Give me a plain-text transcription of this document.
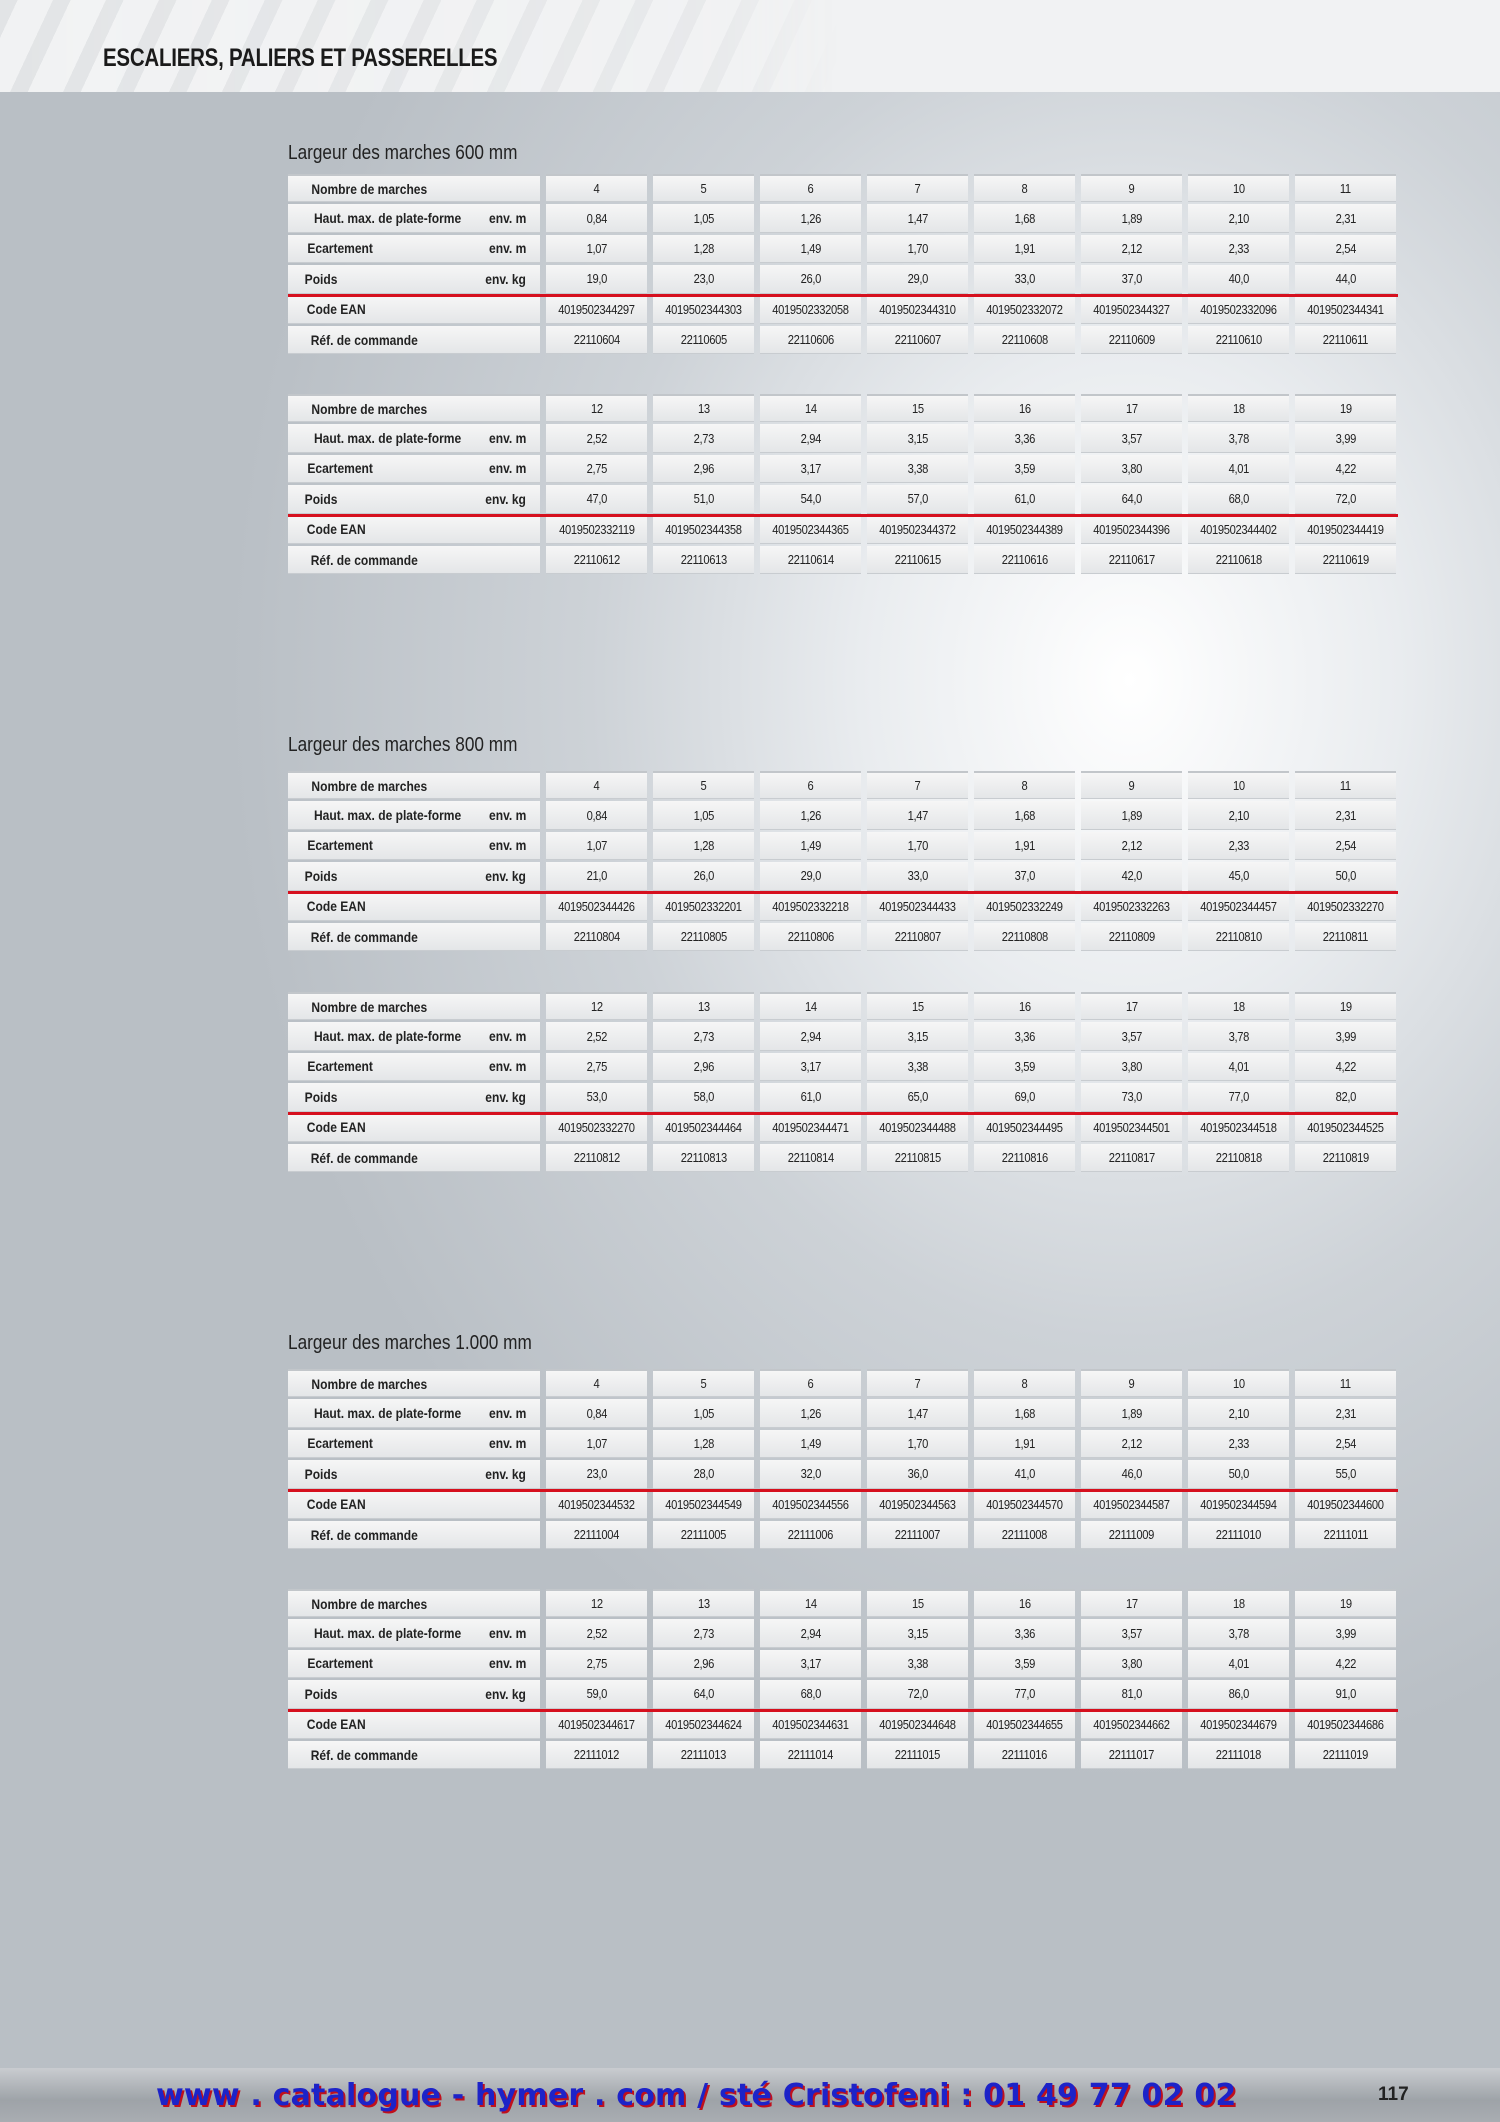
ESCALIERS, PALIERS ET PASSERELLES
Largeur des marches 600 mm
Nombre de marches	4	5	6	7	8	9	10	11
Haut. max. de plate-forme env. m	0,84	1,05	1,26	1,47	1,68	1,89	2,10	2,31
Ecartement	env. m	1,07	1,28	1,49	1,70	1,91	2,12	2,33	2,54
Poids	env. kg	19,0	23,0	26,0	29,0	33,0	37,0	40,0	44,0
Code EAN	4019502344297 4019502344303 4019502332058 4019502344310 4019502332072 4019502344327 4019502332096 4019502344341
Réf. de commande	22110604	22110605	22110606	22110607	22110608	22110609	22110610	22110611
Nombre de marches	12	13	14	15	16	17	18	19
Haut. max. de plate-forme env. m	2,52	2,73	2,94	3,15	3,36	3,57	3,78	3,99
Ecartement	env. m	2,75	2,96	3,17	3,38	3,59	3,80	4,01	4,22
Poids	env. kg	47,0	51,0	54,0	57,0	61,0	64,0	68,0	72,0
Code EAN	4019502332119 4019502344358 4019502344365 4019502344372 4019502344389 4019502344396 4019502344402 4019502344419
Réf. de commande	22110612	22110613	22110614	22110615	22110616	22110617	22110618	22110619
Largeur des marches 800 mm
Nombre de marches	4	5	6	7	8	9	10	11
Haut. max. de plate-forme env. m	0,84	1,05	1,26	1,47	1,68	1,89	2,10	2,31
Ecartement	env. m	1,07	1,28	1,49	1,70	1,91	2,12	2,33	2,54
Poids	env. kg	21,0	26,0	29,0	33,0	37,0	42,0	45,0	50,0
Code EAN	4019502344426 4019502332201 4019502332218 4019502344433 4019502332249 4019502332263 4019502344457 4019502332270
Réf. de commande	22110804	22110805	22110806	22110807	22110808	22110809	22110810	22110811
Nombre de marches	12	13	14	15	16	17	18	19
Haut. max. de plate-forme env. m	2,52	2,73	2,94	3,15	3,36	3,57	3,78	3,99
Ecartement	env. m	2,75	2,96	3,17	3,38	3,59	3,80	4,01	4,22
Poids	env. kg	53,0	58,0	61,0	65,0	69,0	73,0	77,0	82,0
Code EAN	4019502332270 4019502344464 4019502344471 4019502344488 4019502344495 4019502344501 4019502344518 4019502344525
Réf. de commande	22110812	22110813	22110814	22110815	22110816	22110817	22110818	22110819
Largeur des marches 1.000 mm
Nombre de marches	4	5	6	7	8	9	10	11
Haut. max. de plate-forme env. m	0,84	1,05	1,26	1,47	1,68	1,89	2,10	2,31
Ecartement	env. m	1,07	1,28	1,49	1,70	1,91	2,12	2,33	2,54
Poids	env. kg	23,0	28,0	32,0	36,0	41,0	46,0	50,0	55,0
Code EAN	4019502344532 4019502344549 4019502344556 4019502344563 4019502344570 4019502344587 4019502344594 4019502344600
Réf. de commande	22111004	22111005	22111006	22111007	22111008	22111009	22111010	22111011
Nombre de marches	12	13	14	15	16	17	18	19
Haut. max. de plate-forme env. m	2,52	2,73	2,94	3,15	3,36	3,57	3,78	3,99
Ecartement	env. m	2,75	2,96	3,17	3,38	3,59	3,80	4,01	4,22
Poids	env. kg	59,0	64,0	68,0	72,0	77,0	81,0	86,0	91,0
Code EAN	4019502344617 4019502344624 4019502344631 4019502344648 4019502344655 4019502344662 4019502344679 4019502344686
Réf. de commande	22111012	22111013	22111014	22111015	22111016	22111017	22111018	22111019
www . catalogue - hymer . com / sté Cristofeni : 01 49 77 02 02	117
